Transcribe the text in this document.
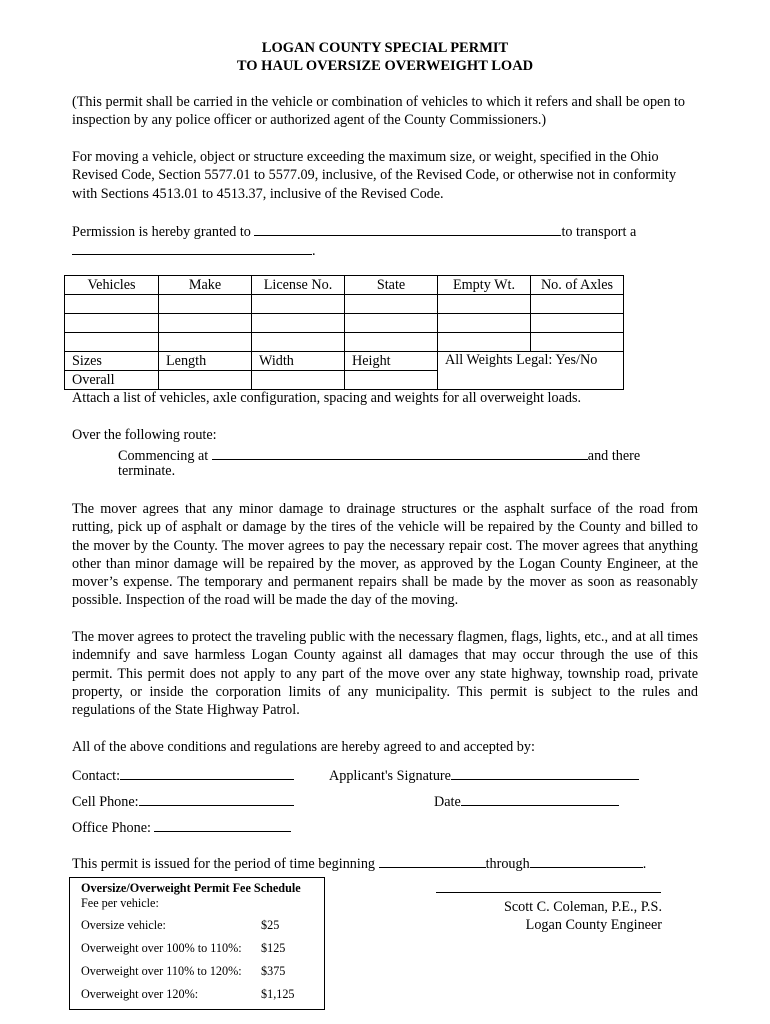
LOGAN COUNTY SPECIAL PERMIT
TO HAUL OVERSIZE OVERWEIGHT LOAD
(This permit shall be carried in the vehicle or combination of vehicles to which it refers and shall be open to inspection by any police officer or authorized agent of the County Commissioners.)
For moving a vehicle, object or structure exceeding the maximum size, or weight, specified in the Ohio Revised Code, Section 5577.01 to 5577.09, inclusive, of the Revised Code, or otherwise not in conformity with Sections 4513.01 to 4513.37, inclusive of the Revised Code.
Permission is hereby granted to	to transport a
.
Vehicles	Make	License No.	State	Empty Wt.	No. of Axles

Sizes	Length	Width	Height	All Weights Legal: Yes/No	
Overall					
Attach a list of vehicles, axle configuration, spacing and weights for all overweight loads.
Over the following route:
Commencing at	and there
terminate.
The mover agrees that any minor damage to drainage structures or the asphalt surface of the road from rutting, pick up of asphalt or damage by the tires of the vehicle will be repaired by the County and billed to the mover by the County. The mover agrees to pay the necessary repair cost. The mover agrees that anything other than minor damage will be repaired by the mover, as approved by the Logan County Engineer, at the mover’s expense. The temporary and permanent repairs shall be made by the mover as soon as reasonably possible. Inspection of the road will be made the day of the moving.
The mover agrees to protect the traveling public with the necessary flagmen, flags, lights, etc., and at all times indemnify and save harmless Logan County against all damages that may occur through the use of this permit. This permit does not apply to any part of the move over any state highway, township road, private property, or inside the corporation limits of any municipality. This permit is subject to the rules and regulations of the State Highway Patrol.
All of the above conditions and regulations are hereby agreed to and accepted by:
Contact:	Applicant's Signature
Cell Phone:	Date
Office Phone:
This permit is issued for the period of time beginning	through	.
Oversize/Overweight Permit Fee Schedule
Fee per vehicle:
Oversize vehicle:	$25
Overweight over 100% to 110%: $125
Overweight over 110% to 120%: $375
Overweight over 120%:	$1,125
Scott C. Coleman, P.E., P.S.
Logan County Engineer
